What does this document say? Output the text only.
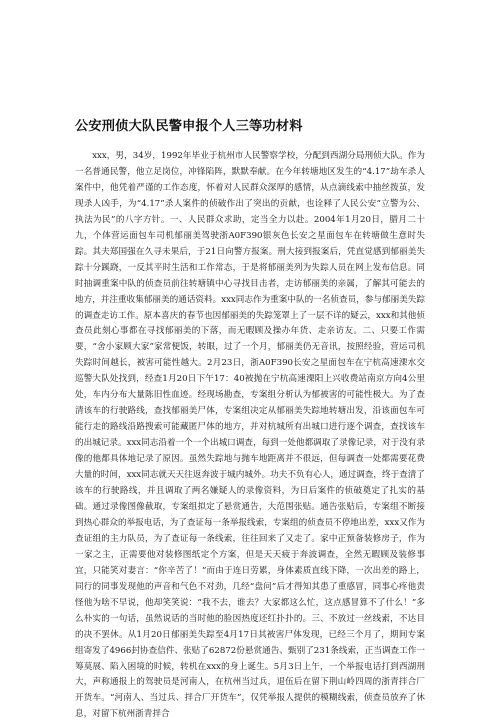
公安刑侦大队民警申报个人三等功材料

xxx，男，34岁，1992年毕业于杭州市人民警察学校，分配到西湖分局刑侦大队。作为一名普通民警，他立足岗位，冲锋陷阵，默默奉献。在今年转塘地区发生的“4.17”劫车杀人案件中，他凭着严谨的工作态度，怀着对人民群众深厚的感情，从点滴线索中抽丝拨茧，发现杀人凶手，为“4.17”杀人案件的侦破作出了突出的贡献，也诠释了人民公安“立警为公、执法为民”的八字方针。一、人民群众求助，定当全力以赴。2004年1月20日，腊月二十九，个体营运面包车司机郁丽美驾驶浙A0F390银灰色长安之星面包车在转塘做生意时失踪。其夫郑国强在久寻未果后，于21日向警方报案。刑大接到报案后，凭直觉感到郁丽美失踪十分蹊跷，一反其平时生活和工作常态，于是将郁丽美列为失踪人员在网上发布信息。同时抽调重案中队的侦查员前往转塘镇中心寻找目击者，走访郁丽美的亲属，了解其可能去的地方，并注重收集郁丽美的通话资料。xxx同志作为重案中队的一名侦查员，参与郁丽美失踪的调查走访工作。原本喜庆的春节也因郁丽美的失踪笼罩上了一层不详的疑云，xxx和其他侦查员此刻心事都在寻找郁丽美的下落，而无暇顾及操办年货、走亲访友。二、只要工作需要，“舍小家顾大家”家常便饭，转眼，过了一个月，郁丽美仍无音讯，按照经验，营运司机失踪时间越长，被害可能性越大。2月23日，浙A0F390长安之星面包车在宁杭高速溧水交巡警大队处找到，经查1月20日下午17：40被抛在宁杭高速溧阳上兴收费站南京方向4公里处，车内分布大量陈旧性血迹。经现场勘查，专案组分析认为郁被害的可能性极大。为了查清该车的行驶路线，查找郁丽美尸体，专案组决定从郁丽美失踪地转塘出发，沿该面包车可能行走的路线沿路搜索可能藏匿尸体的地方，并对杭城所有出城口进行逐个调查，查找该车的出城记录。xxx同志沿着一个一个出城口调查，每到一处他都调取了录像记录，对于没有录像的他都具体地记录了原因。虽然失踪地与抛车地距离并不很远，但每调查一处都需要花费大量的时间，xxx同志就天天往返奔波于城内城外。功夫不负有心人，通过调查，终于查清了该车的行驶路线，并且调取了两名嫌疑人的录像资料，为日后案件的侦破奠定了扎实的基础。通过录像图像截取，专案组拟定了悬赏通告，大范围张贴。通告张贴后，专案组不断接到热心群众的举报电话，为了查证每一条举报线索，专案组的侦查员不停地出差，xxx又作为查证组的主力队员，为了查证每一条线索，往往回来了又走了。家中正预备装修房子，作为一家之主，正需要他对装修图纸定个方案，但是天天疲于奔波调查，全然无暇顾及装修事宜，只能笑对妻言：“你辛苦了！”而由于连日劳累，身体素质直线下降，一次出差的路上，同行的同事发现他的声音和气色不对劲，几经“盘问”后才得知其患了重感冒，同事心疼他责怪他为啥不早说，他却笑笑说：“我不去，谁去？大家都这么忙，这点感冒算不了什么！”多么朴实的一句话，虽然说话的当时他的脸因热度还红扑扑的。三、不放过一丝线索，不达目的决不罢休。从1月20日郁丽美失踪至4月17日其被害尸体发现，已经三个月了，期间专案组寄发了4966封协查信件、张贴了62872份悬赏通告、甄别了231条线索，正当调查工作一筹莫展、陷入困境的时候，转机在xxx的身上诞生。5月3日上午，一个举报电话打到西湖刑大，声称通报上的驾驶员是河南人，在杭州当过兵，退伍后在留下荆山岭四周的浙青拌合厂开货车。“河南人、当过兵、拌合厂开货车”，仅凭举报人提供的模糊线索，侦查员放弃了休息，对留下杭州浙青拌合
